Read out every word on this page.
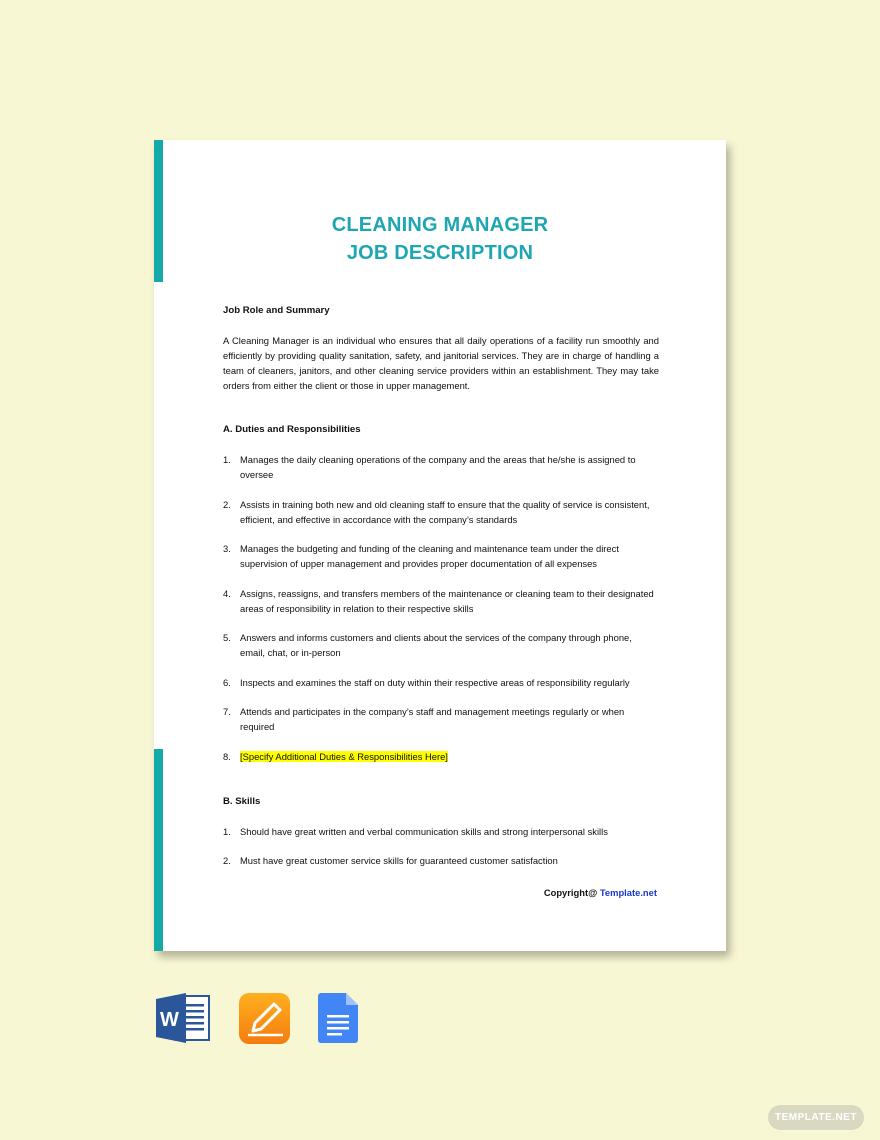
CLEANING MANAGER
JOB DESCRIPTION

Job Role and Summary

A Cleaning Manager is an individual who ensures that all daily operations of a facility run smoothly and efficiently by providing quality sanitation, safety, and janitorial services. They are in charge of handling a team of cleaners, janitors, and other cleaning service providers within an establishment. They may take orders from either the client or those in upper management.

A. Duties and Responsibilities

1. Manages the daily cleaning operations of the company and the areas that he/she is assigned to oversee
2. Assists in training both new and old cleaning staff to ensure that the quality of service is consistent, efficient, and effective in accordance with the company’s standards
3. Manages the budgeting and funding of the cleaning and maintenance team under the direct supervision of upper management and provides proper documentation of all expenses
4. Assigns, reassigns, and transfers members of the maintenance or cleaning team to their designated areas of responsibility in relation to their respective skills
5. Answers and informs customers and clients about the services of the company through phone, email, chat, or in-person
6. Inspects and examines the staff on duty within their respective areas of responsibility regularly
7. Attends and participates in the company’s staff and management meetings regularly or when required
8. [Specify Additional Duties & Responsibilities Here]

B. Skills

1. Should have great written and verbal communication skills and strong interpersonal skills
2. Must have great customer service skills for guaranteed customer satisfaction
Copyright@ Template.net
W
TEMPLATE.NET
